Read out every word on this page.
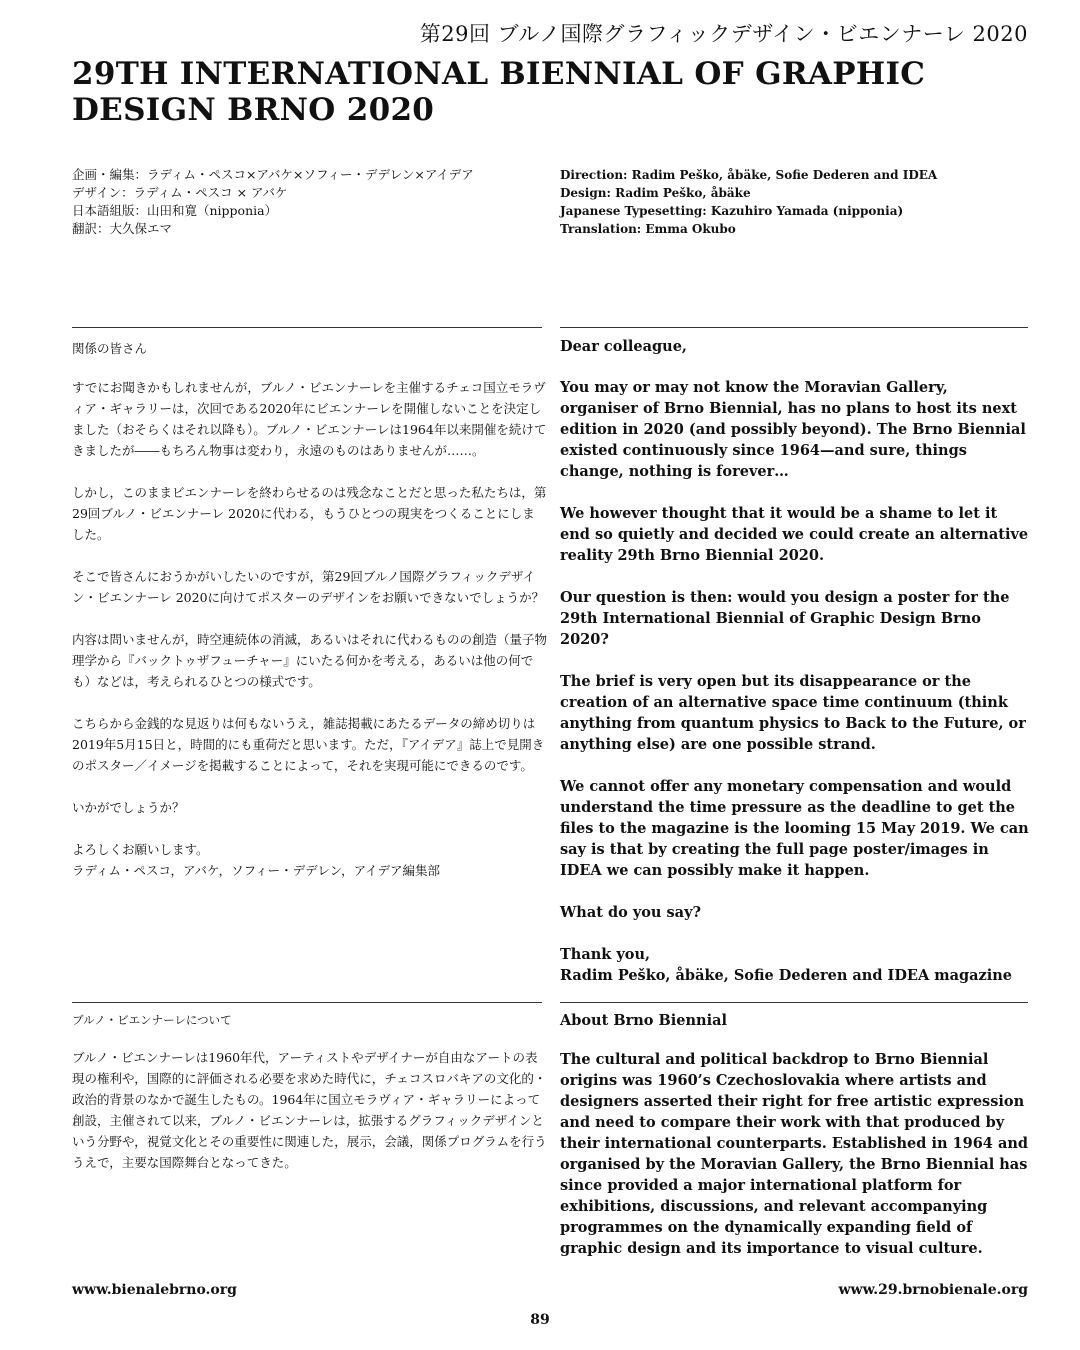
第29回 ブルノ国際グラフィックデザイン・ビエンナーレ 2020
29TH INTERNATIONAL BIENNIAL OF GRAPHIC DESIGN BRNO 2020
企画・編集：ラディム・ペスコ×アバケ×ソフィー・デデレン×アイデア
デザイン：ラディム・ペスコ × アバケ
日本語組版：山田和寛（nipponia）
翻訳：大久保エマ
Direction: Radim Peško, åbäke, Sofie Dederen and IDEA
Design: Radim Peško, åbäke
Japanese Typesetting: Kazuhiro Yamada (nipponia)
Translation: Emma Okubo

関係の皆さん

すでにお聞きかもしれませんが，ブルノ・ビエンナーレを主催するチェコ国立モラヴィア・ギャラリーは，次回である2020年にビエンナーレを開催しないことを決定しました（おそらくはそれ以降も）。ブルノ・ビエンナーレは1964年以来開催を続けてきましたが――もちろん物事は変わり，永遠のものはありませんが……。

しかし，このままビエンナーレを終わらせるのは残念なことだと思った私たちは，第29回ブルノ・ビエンナーレ 2020に代わる，もうひとつの現実をつくることにしました。

そこで皆さんにおうかがいしたいのですが，第29回ブルノ国際グラフィックデザイン・ビエンナーレ 2020に向けてポスターのデザインをお願いできないでしょうか？

内容は問いませんが，時空連続体の消滅，あるいはそれに代わるものの創造（量子物理学から『バックトゥザフューチャー』にいたる何かを考える，あるいは他の何でも）などは，考えられるひとつの様式です。

こちらから金銭的な見返りは何もないうえ，雑誌掲載にあたるデータの締め切りは2019年5月15日と，時間的にも重荷だと思います。ただ，『アイデア』誌上で見開きのポスター／イメージを掲載することによって，それを実現可能にできるのです。

いかがでしょうか？

よろしくお願いします。

ラディム・ペスコ，アバケ，ソフィー・デデレン，アイデア編集部

Dear colleague,

You may or may not know the Moravian Gallery, organiser of Brno Biennial, has no plans to host its next edition in 2020 (and possibly beyond). The Brno Biennial existed continuously since 1964—and sure, things change, nothing is forever…

We however thought that it would be a shame to let it end so quietly and decided we could create an alternative reality 29th Brno Biennial 2020.

Our question is then: would you design a poster for the 29th International Biennial of Graphic Design Brno 2020?

The brief is very open but its disappearance or the creation of an alternative space time continuum (think anything from quantum physics to Back to the Future, or anything else) are one possible strand.

We cannot offer any monetary compensation and would understand the time pressure as the deadline to get the files to the magazine is the looming 15 May 2019. We can say is that by creating the full page poster/images in IDEA we can possibly make it happen.

What do you say?

Thank you,

Radim Peško, åbäke, Sofie Dederen and IDEA magazine

ブルノ・ビエンナーレについて

ブルノ・ビエンナーレは1960年代，アーティストやデザイナーが自由なアートの表現の権利や，国際的に評価される必要を求めた時代に，チェコスロバキアの文化的・政治的背景のなかで誕生したもの。1964年に国立モラヴィア・ギャラリーによって創設，主催されて以来，ブルノ・ビエンナーレは，拡張するグラフィックデザインという分野や，視覚文化とその重要性に関連した，展示，会議，関係プログラムを行ううえで，主要な国際舞台となってきた。

About Brno Biennial

The cultural and political backdrop to Brno Biennial origins was 1960’s Czechoslovakia where artists and designers asserted their right for free artistic expression and need to compare their work with that produced by their international counterparts. Established in 1964 and organised by the Moravian Gallery, the Brno Biennial has since provided a major international platform for exhibitions, discussions, and relevant accompanying programmes on the dynamically expanding field of graphic design and its importance to visual culture.

www.bienalebrno.org	www.29.brnobienale.org
89
